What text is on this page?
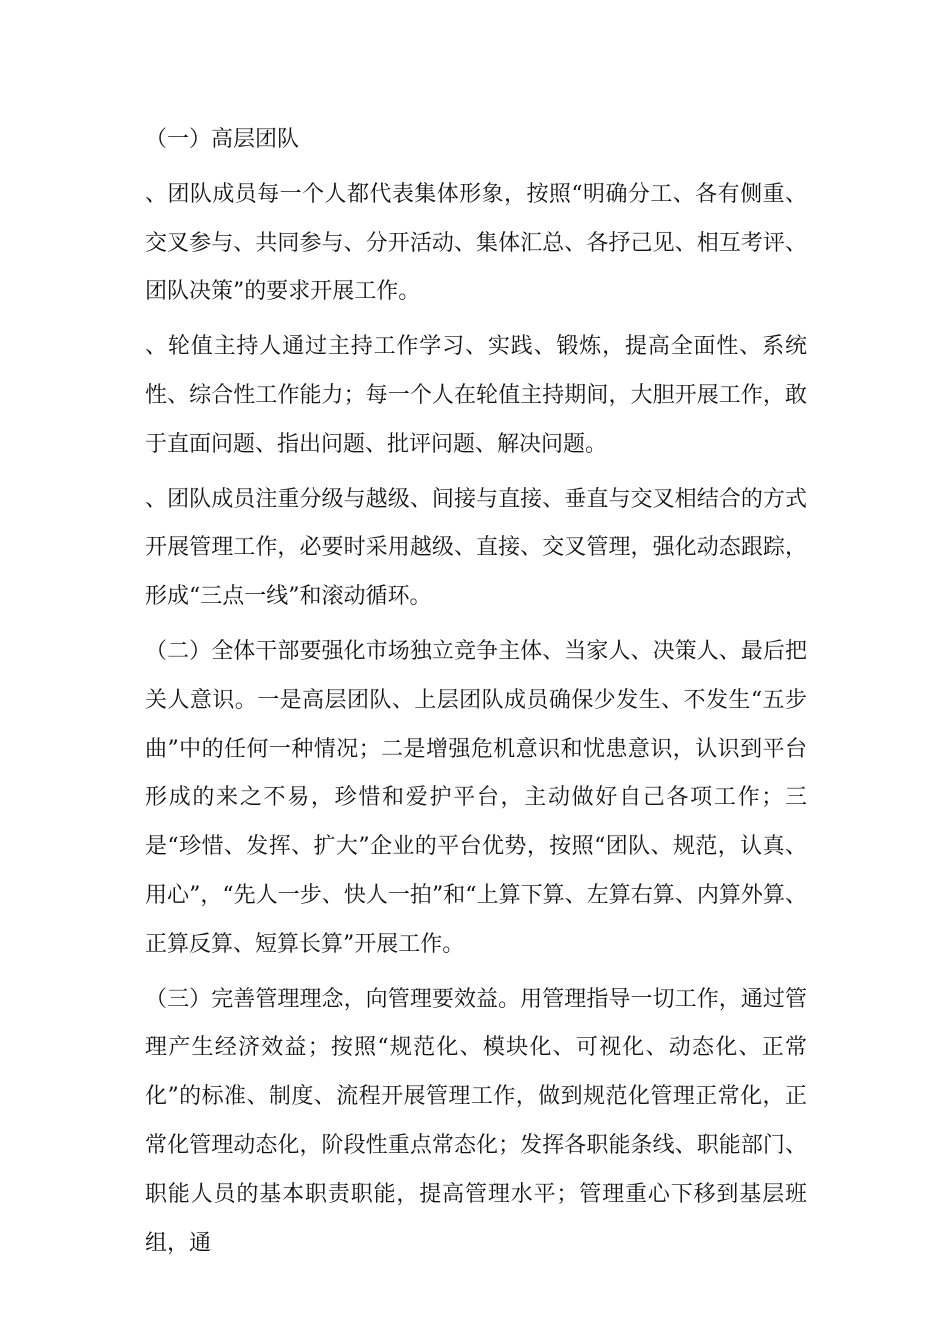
（一）高层团队

、团队成员每一个人都代表集体形象，按照“明确分工、各有侧重、交叉参与、共同参与、分开活动、集体汇总、各抒己见、相互考评、团队决策”的要求开展工作。

、轮值主持人通过主持工作学习、实践、锻炼，提高全面性、系统性、综合性工作能力；每一个人在轮值主持期间，大胆开展工作，敢于直面问题、指出问题、批评问题、解决问题。

、团队成员注重分级与越级、间接与直接、垂直与交叉相结合的方式开展管理工作，必要时采用越级、直接、交叉管理，强化动态跟踪，形成“三点一线”和滚动循环。

（二）全体干部要强化市场独立竞争主体、当家人、决策人、最后把关人意识。一是高层团队、上层团队成员确保少发生、不发生“五步曲”中的任何一种情况；二是增强危机意识和忧患意识，认识到平台形成的来之不易，珍惜和爱护平台，主动做好自己各项工作；三是“珍惜、发挥、扩大”企业的平台优势，按照“团队、规范，认真、用心”，“先人一步、快人一拍”和“上算下算、左算右算、内算外算、正算反算、短算长算”开展工作。

（三）完善管理理念，向管理要效益。用管理指导一切工作，通过管理产生经济效益；按照“规范化、模块化、可视化、动态化、正常化”的标准、制度、流程开展管理工作，做到规范化管理正常化，正常化管理动态化，阶段性重点常态化；发挥各职能条线、职能部门、职能人员的基本职责职能，提高管理水平；管理重心下移到基层班组，通
